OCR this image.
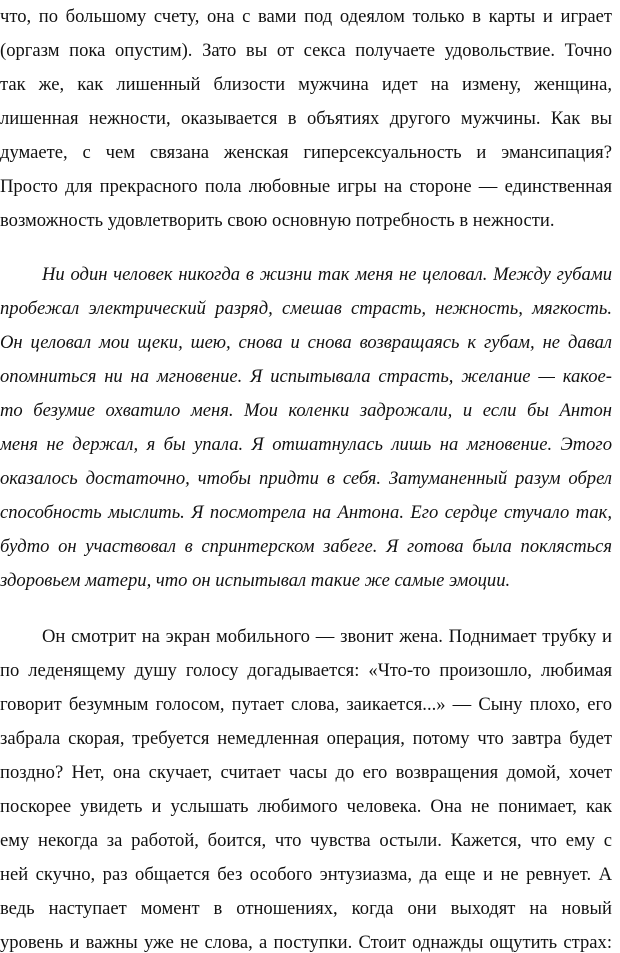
что, по большому счету, она с вами под одеялом только в карты и играет
(оргазм пока опустим). Зато вы от секса получаете удовольствие. Точно
так же, как лишенный близости мужчина идет на измену, женщина,
лишенная нежности, оказывается в объятиях другого мужчины. Как вы
думаете, с чем связана женская гиперсексуальность и эмансипация?
Просто для прекрасного пола любовные игры на стороне — единственная
возможность удовлетворить свою основную потребность в нежности.
Ни один человек никогда в жизни так меня не целовал. Между губами
пробежал электрический разряд, смешав страсть, нежность, мягкость.
Он целовал мои щеки, шею, снова и снова возвращаясь к губам, не давал
опомниться ни на мгновение. Я испытывала страсть, желание — какое-
то безумие охватило меня. Мои коленки задрожали, и если бы Антон
меня не держал, я бы упала. Я отшатнулась лишь на мгновение. Этого
оказалось достаточно, чтобы придти в себя. Затуманенный разум обрел
способность мыслить. Я посмотрела на Антона. Его сердце стучало так,
будто он участвовал в спринтерском забеге. Я готова была поклясться
здоровьем матери, что он испытывал такие же самые эмоции.
Он смотрит на экран мобильного — звонит жена. Поднимает трубку и
по леденящему душу голосу догадывается: «Что-то произошло, любимая
говорит безумным голосом, путает слова, заикается...» — Сыну плохо, его
забрала скорая, требуется немедленная операция, потому что завтра будет
поздно? Нет, она скучает, считает часы до его возвращения домой, хочет
поскорее увидеть и услышать любимого человека. Она не понимает, как
ему некогда за работой, боится, что чувства остыли. Кажется, что ему с
ней скучно, раз общается без особого энтузиазма, да еще и не ревнует. А
ведь наступает момент в отношениях, когда они выходят на новый
уровень и важны уже не слова, а поступки. Стоит однажды ощутить страх:
